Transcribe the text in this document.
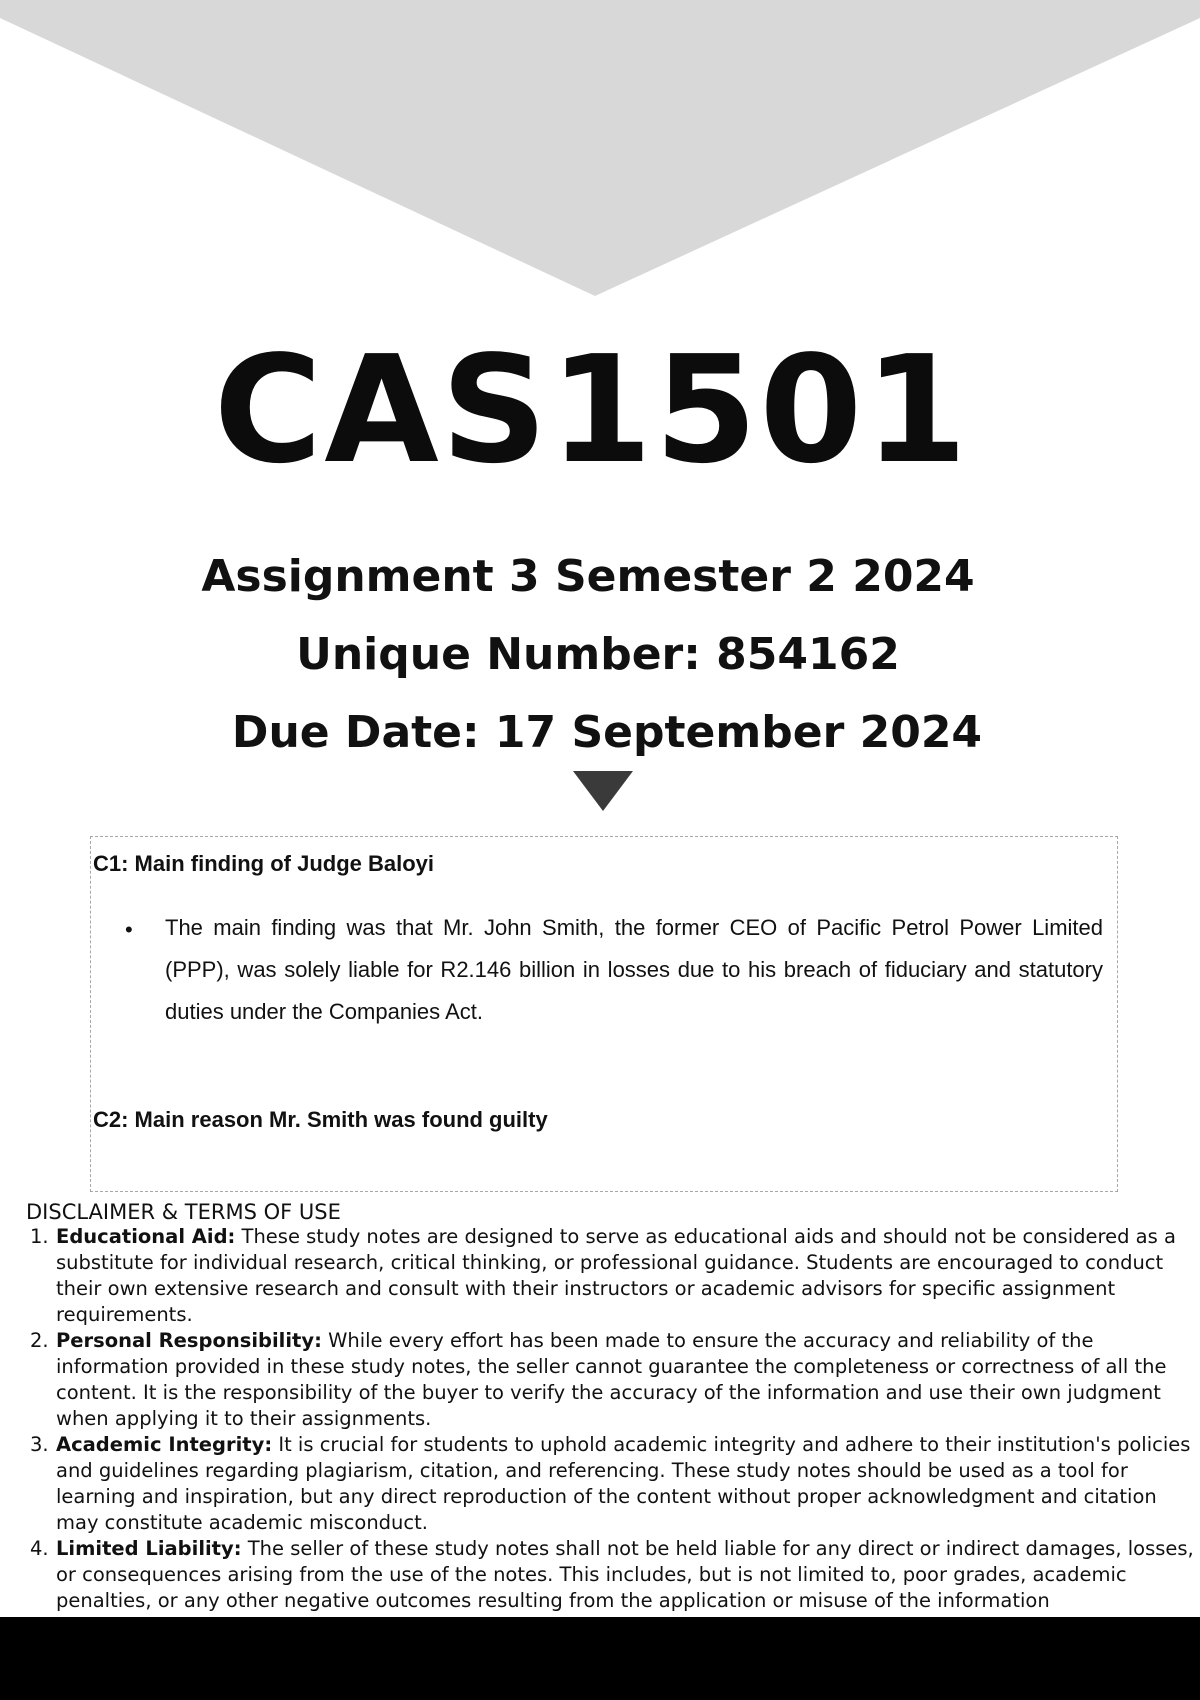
CAS1501
Assignment 3 Semester 2 2024
Unique Number: 854162
Due Date: 17 September 2024
C1: Main finding of Judge Baloyi
• The main finding was that Mr. John Smith, the former CEO of Pacific Petrol Power Limited (PPP), was solely liable for R2.146 billion in losses due to his breach of fiduciary and statutory duties under the Companies Act.
C2: Main reason Mr. Smith was found guilty
DISCLAIMER & TERMS OF USE
1. Educational Aid: These study notes are designed to serve as educational aids and should not be considered as a substitute for individual research, critical thinking, or professional guidance. Students are encouraged to conduct their own extensive research and consult with their instructors or academic advisors for specific assignment requirements.
2. Personal Responsibility: While every effort has been made to ensure the accuracy and reliability of the information provided in these study notes, the seller cannot guarantee the completeness or correctness of all the content. It is the responsibility of the buyer to verify the accuracy of the information and use their own judgment when applying it to their assignments.
3. Academic Integrity: It is crucial for students to uphold academic integrity and adhere to their institution's policies and guidelines regarding plagiarism, citation, and referencing. These study notes should be used as a tool for learning and inspiration, but any direct reproduction of the content without proper acknowledgment and citation may constitute academic misconduct.
4. Limited Liability: The seller of these study notes shall not be held liable for any direct or indirect damages, losses, or consequences arising from the use of the notes. This includes, but is not limited to, poor grades, academic penalties, or any other negative outcomes resulting from the application or misuse of the information
